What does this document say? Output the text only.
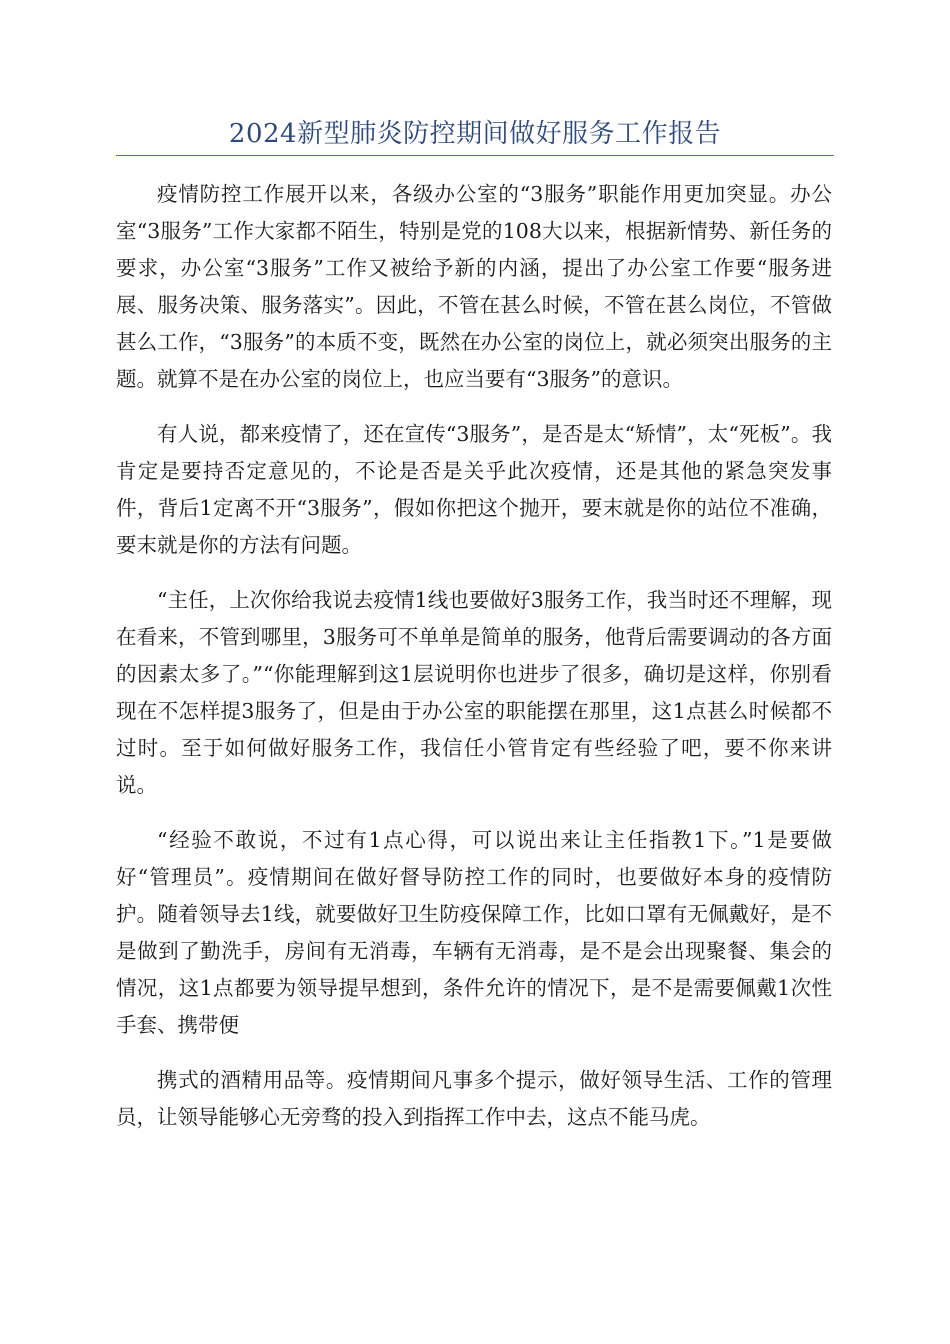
2024新型肺炎防控期间做好服务工作报告

疫情防控工作展开以来，各级办公室的“3服务”职能作用更加突显。办公室“3服务”工作大家都不陌生，特别是党的108大以来，根据新情势、新任务的要求，办公室“3服务”工作又被给予新的内涵，提出了办公室工作要“服务进展、服务决策、服务落实”。因此，不管在甚么时候，不管在甚么岗位，不管做甚么工作，“3服务”的本质不变，既然在办公室的岗位上，就必须突出服务的主题。就算不是在办公室的岗位上，也应当要有“3服务”的意识。

有人说，都来疫情了，还在宣传“3服务”，是否是太“矫情”，太“死板”。我肯定是要持否定意见的，不论是否是关乎此次疫情，还是其他的紧急突发事件，背后1定离不开“3服务”，假如你把这个抛开，要末就是你的站位不准确，要末就是你的方法有问题。

“主任，上次你给我说去疫情1线也要做好3服务工作，我当时还不理解，现在看来，不管到哪里，3服务可不单单是简单的服务，他背后需要调动的各方面的因素太多了。”“你能理解到这1层说明你也进步了很多，确切是这样，你别看现在不怎样提3服务了，但是由于办公室的职能摆在那里，这1点甚么时候都不过时。至于如何做好服务工作，我信任小管肯定有些经验了吧，要不你来讲说。

“经验不敢说，不过有1点心得，可以说出来让主任指教1下。”1是要做好“管理员”。疫情期间在做好督导防控工作的同时，也要做好本身的疫情防护。随着领导去1线，就要做好卫生防疫保障工作，比如口罩有无佩戴好，是不是做到了勤洗手，房间有无消毒，车辆有无消毒，是不是会出现聚餐、集会的情况，这1点都要为领导提早想到，条件允许的情况下，是不是需要佩戴1次性手套、携带便

携式的酒精用品等。疫情期间凡事多个提示，做好领导生活、工作的管理员，让领导能够心无旁骛的投入到指挥工作中去，这点不能马虎。
